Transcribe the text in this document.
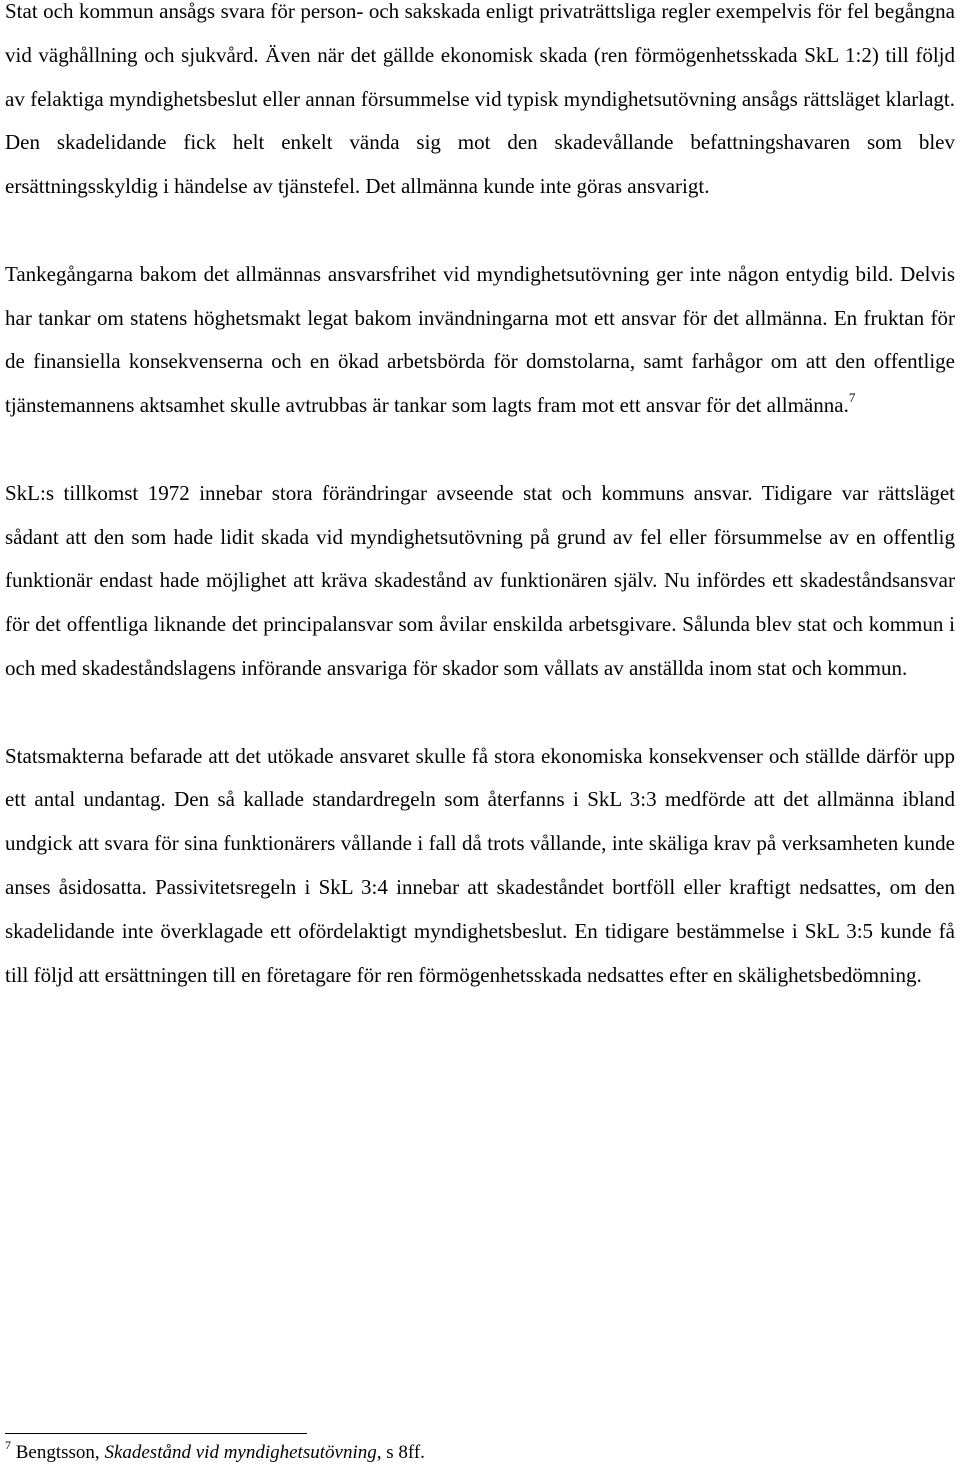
Stat och kommun ansågs svara för person- och sakskada enligt privaträttsliga regler exempelvis för fel begångna vid väghållning och sjukvård. Även när det gällde ekonomisk skada (ren förmögenhetsskada SkL 1:2) till följd av felaktiga myndighetsbeslut eller annan försummelse vid typisk myndighetsutövning ansågs rättsläget klarlagt. Den skadelidande fick helt enkelt vända sig mot den skadevållande befattningshavaren som blev ersättningsskyldig i händelse av tjänstefel. Det allmänna kunde inte göras ansvarigt.

Tankegångarna bakom det allmännas ansvarsfrihet vid myndighetsutövning ger inte någon entydig bild. Delvis har tankar om statens höghetsmakt legat bakom invändningarna mot ett ansvar för det allmänna. En fruktan för de finansiella konsekvenserna och en ökad arbetsbörda för domstolarna, samt farhågor om att den offentlige tjänstemannens aktsamhet skulle avtrubbas är tankar som lagts fram mot ett ansvar för det allmänna.$^7$

SkL:s tillkomst 1972 innebar stora förändringar avseende stat och kommuns ansvar. Tidigare var rättsläget sådant att den som hade lidit skada vid myndighetsutövning på grund av fel eller försummelse av en offentlig funktionär endast hade möjlighet att kräva skadestånd av funktionären själv. Nu infördes ett skadeståndsansvar för det offentliga liknande det principalansvar som åvilar enskilda arbetsgivare. Sålunda blev stat och kommun i och med skadeståndslagens införande ansvariga för skador som vållats av anställda inom stat och kommun.

Statsmakterna befarade att det utökade ansvaret skulle få stora ekonomiska konsekvenser och ställde därför upp ett antal undantag. Den så kallade standardregeln som återfanns i SkL 3:3 medförde att det allmänna ibland undgick att svara för sina funktionärers vållande i fall då trots vållande, inte skäliga krav på verksamheten kunde anses åsidosatta. Passivitetsregeln i SkL 3:4 innebar att skadeståndet bortföll eller kraftigt nedsattes, om den skadelidande inte överklagade ett ofördelaktigt myndighetsbeslut. En tidigare bestämmelse i SkL 3:5 kunde få till följd att ersättningen till en företagare för ren förmögenhetsskada nedsattes efter en skälighetsbedömning.

$^7$ Bengtsson, Skadestånd vid myndighetsutövning, s 8ff.
